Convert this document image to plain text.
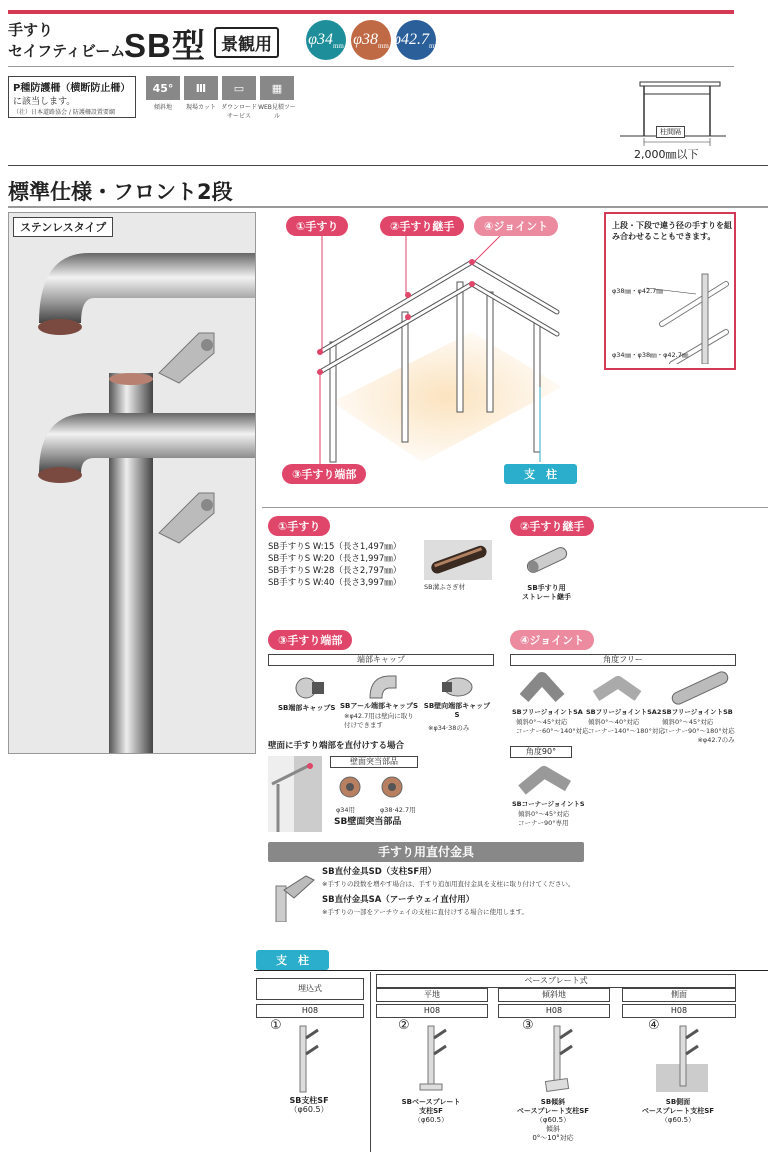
手すり
セイフティビーム
SB型 景観用	$\varphi 34_{mm}$ $\varphi 38_{mm}$ $\varphi 42.7_{mm}$
P種防護柵（横断防止柵）
に該当します。
（社）日本道路協会 / 防護柵設置要綱
45°
傾斜地
Ⅲ
現場カット
▭
ダウンロードサービス
▦
WEB見積ツール
柱間隔
2,000㎜以下
標準仕様・フロント2段
ステンレスタイプ	①手すり	②手すり継手	④ジョイント
③手すり端部	支　柱
上段・下段で違う径の手すりを組み合わせることもできます。
φ38㎜・φ42.7㎜
φ34㎜・φ38㎜・φ42.7㎜
①手すり
SB手すりS W:15（長さ1,497㎜）
SB手すりS W:20（長さ1,997㎜）
SB手すりS W:28（長さ2,797㎜）
SB手すりS W:40（長さ3,997㎜）	SB溝ふさぎ材
②手すり継手
SB手すり用
ストレート継手
③手すり端部
端部キャップ
SB端部キャップS SBアール端部キャップS
※φ42.7用は壁向に取り付けできます
SB壁向端部キャップS
※φ34·38のみ
壁面に手すり端部を直付けする場合
壁面突当部品
φ34用	φ38·42.7用
SB壁面突当部品
④ジョイント
角度フリー
SBフリージョイントSA
傾斜0°～45°対応
コーナー60°～140°対応
SBフリージョイントSA2
傾斜0°～40°対応
コーナー140°～180°対応
SBフリージョイントSB
傾斜0°～45°対応
コーナー90°～180°対応
※φ42.7のみ
角度90°
SBコーナージョイントS
傾斜0°～45°対応
コーナー90°専用
手すり用直付金具
SB直付金具SD（支柱SF用）
※手すりの段数を増やす場合は、手すり追加用直付金具を支柱に取り付けてください。
SB直付金具SA（アーチウェイ直付用）
※手すりの一部をアーチウェイの支柱に直付けする場合に使用します。
支　柱
埋込式
ベースプレート式
平地	傾斜地	側面
H08	H08	H08	H08
①	②	③	④
SB支柱SF
（φ60.5）
SBベースプレート
支柱SF
（φ60.5）
SB傾斜
ベースプレート支柱SF
（φ60.5）
傾斜
0°～10°対応
SB側面
ベースプレート支柱SF
（φ60.5）
